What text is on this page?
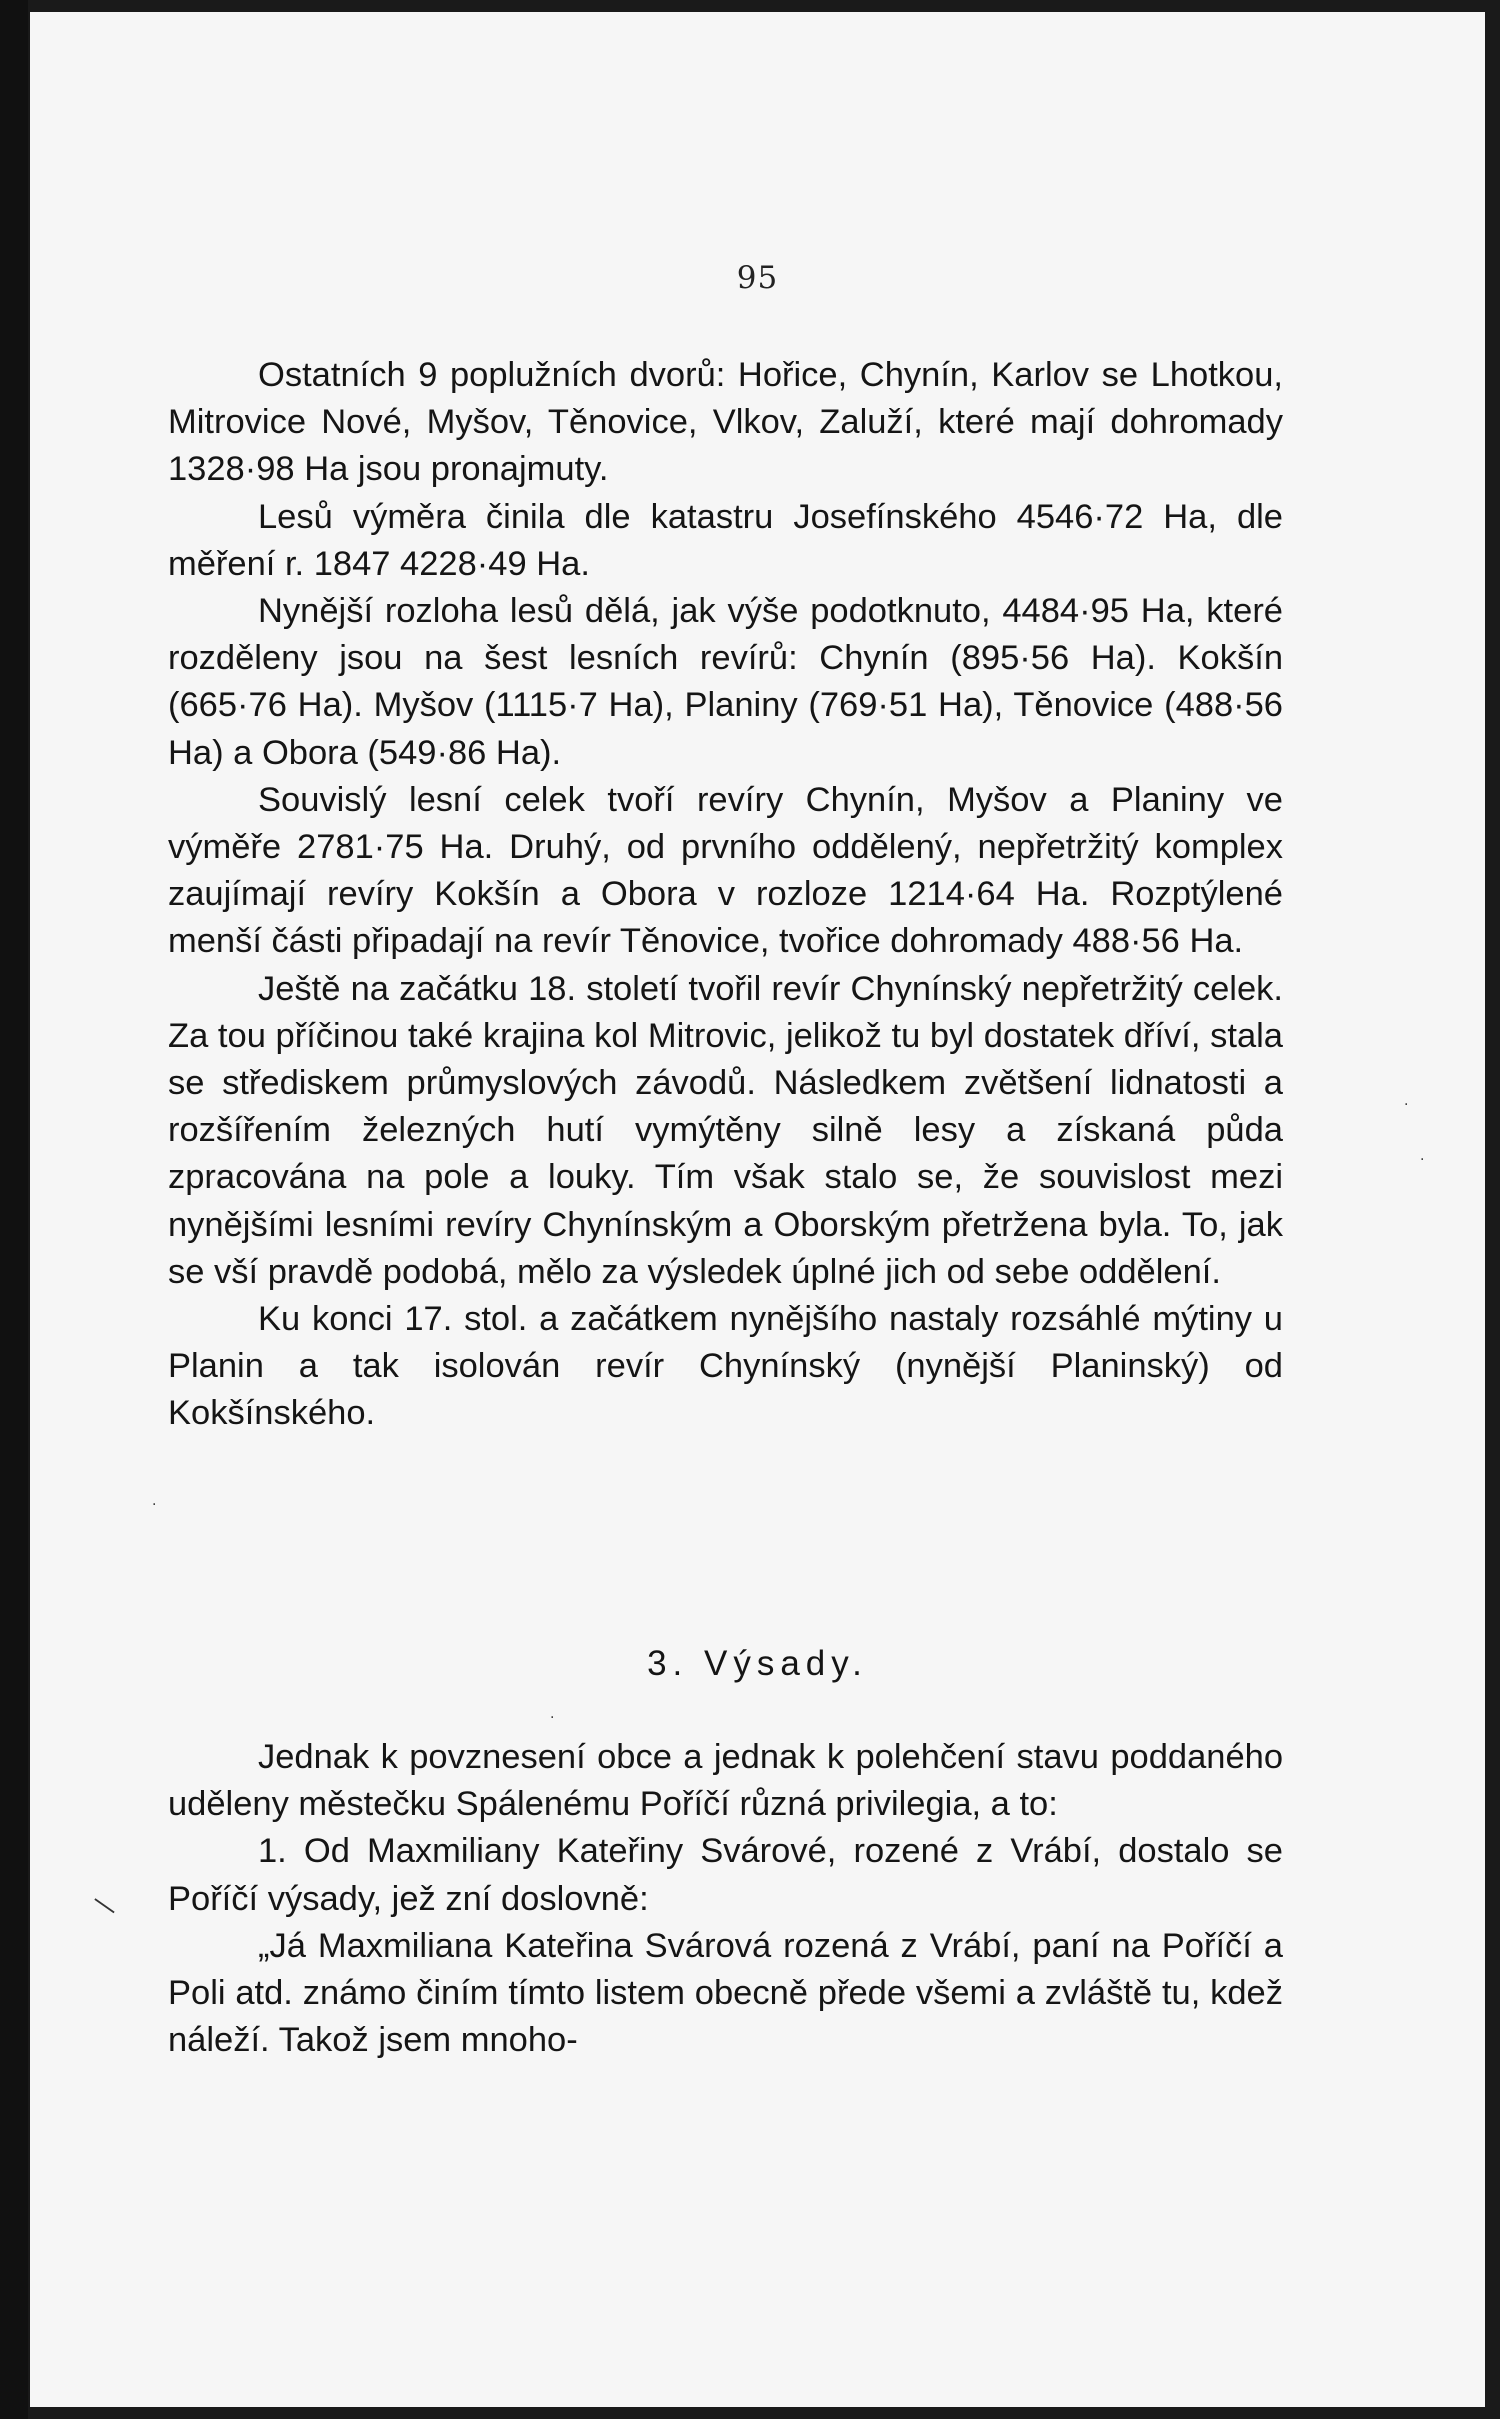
95

Ostatních 9 poplužních dvorů: Hořice, Chynín, Karlov se Lhotkou, Mitrovice Nové, Myšov, Těnovice, Vlkov, Zaluží, které mají dohromady 1328·98 Ha jsou pronajmuty.

Lesů výměra činila dle katastru Josefínského 4546·72 Ha, dle měření r. 1847 4228·49 Ha.

Nynější rozloha lesů dělá, jak výše podotknuto, 4484·95 Ha, které rozděleny jsou na šest lesních revírů: Chynín (895·56 Ha). Kokšín (665·76 Ha). Myšov (1115·7 Ha), Planiny (769·51 Ha), Těnovice (488·56 Ha) a Obora (549·86 Ha).

Souvislý lesní celek tvoří revíry Chynín, Myšov a Planiny ve výměře 2781·75 Ha. Druhý, od prvního oddělený, nepřetržitý komplex zaujímají revíry Kokšín a Obora v rozloze 1214·64 Ha. Rozptýlené menší části připadají na revír Těnovice, tvořice dohromady 488·56 Ha.

Ještě na začátku 18. století tvořil revír Chynínský nepřetržitý celek. Za tou příčinou také krajina kol Mitrovic, jelikož tu byl dostatek dříví, stala se střediskem průmyslových závodů. Následkem zvětšení lidnatosti a rozšířením železných hutí vymýtěny silně lesy a získaná půda zpracována na pole a louky. Tím však stalo se, že souvislost mezi nynějšími lesními revíry Chynínským a Oborským přetržena byla. To, jak se vší pravdě podobá, mělo za výsledek úplné jich od sebe oddělení.

Ku konci 17. stol. a začátkem nynějšího nastaly rozsáhlé mýtiny u Planin a tak isolován revír Chynínský (nynější Planinský) od Kokšínského.

3. Výsady.

Jednak k povznesení obce a jednak k polehčení stavu poddaného uděleny městečku Spálenému Poříčí různá privilegia, a to:

1. Od Maxmiliany Kateřiny Svárové, rozené z Vrábí, dostalo se Poříčí výsady, jež zní doslovně:

„Já Maxmiliana Kateřina Svárová rozená z Vrábí, paní na Poříčí a Poli atd. známo činím tímto listem obecně přede všemi a zvláště tu, kdež náleží. Takož jsem mnoho-

·
·
·
·
—
